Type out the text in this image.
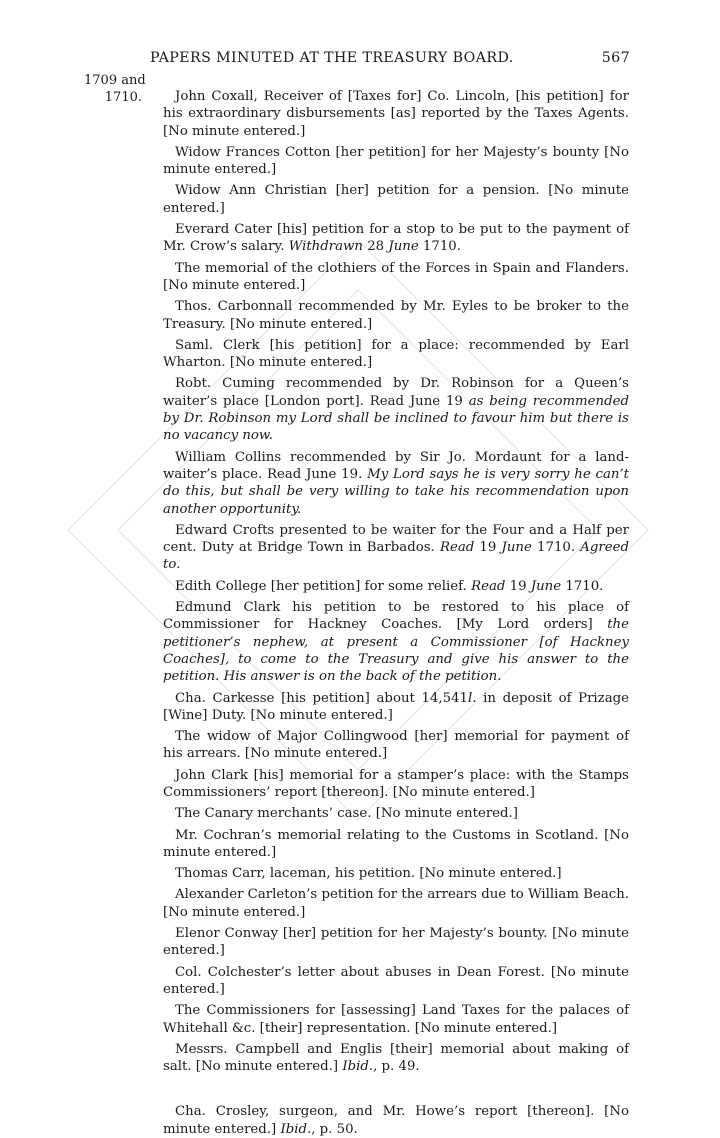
PAPERS MINUTED AT THE TREASURY BOARD.	567
1709 and
1710.	John Coxall, Receiver of [Taxes for] Co. Lincoln, [his petition] for his extraordinary disbursements [as] reported by the Taxes Agents. [No minute entered.]

Widow Frances Cotton [her petition] for her Majesty’s bounty [No minute entered.]

Widow Ann Christian [her] petition for a pension. [No minute entered.]

Everard Cater [his] petition for a stop to be put to the payment of Mr. Crow’s salary. Withdrawn 28 June 1710.

The memorial of the clothiers of the Forces in Spain and Flanders. [No minute entered.]

Thos. Carbonnall recommended by Mr. Eyles to be broker to the Treasury. [No minute entered.]

Saml. Clerk [his petition] for a place: recommended by Earl Wharton. [No minute entered.]

Robt. Cuming recommended by Dr. Robinson for a Queen’s waiter’s place [London port]. Read June 19 as being recommended by Dr. Robinson my Lord shall be inclined to favour him but there is no vacancy now.

William Collins recommended by Sir Jo. Mordaunt for a land-waiter’s place. Read June 19. My Lord says he is very sorry he can’t do this, but shall be very willing to take his recommendation upon another opportunity.

Edward Crofts presented to be waiter for the Four and a Half per cent. Duty at Bridge Town in Barbados. Read 19 June 1710. Agreed to.

Edith College [her petition] for some relief. Read 19 June 1710.

Edmund Clark his petition to be restored to his place of Commissioner for Hackney Coaches. [My Lord orders] the petitioner’s nephew, at present a Commissioner [of Hackney Coaches], to come to the Treasury and give his answer to the petition. His answer is on the back of the petition.

Cha. Carkesse [his petition] about 14,541l. in deposit of Prizage [Wine] Duty. [No minute entered.]

The widow of Major Collingwood [her] memorial for payment of his arrears. [No minute entered.]

John Clark [his] memorial for a stamper’s place: with the Stamps Commissioners’ report [thereon]. [No minute entered.]

The Canary merchants’ case. [No minute entered.]

Mr. Cochran’s memorial relating to the Customs in Scotland. [No minute entered.]

Thomas Carr, laceman, his petition. [No minute entered.]

Alexander Carleton’s petition for the arrears due to William Beach. [No minute entered.]

Elenor Conway [her] petition for her Majesty’s bounty. [No minute entered.]

Col. Colchester’s letter about abuses in Dean Forest. [No minute entered.]

The Commissioners for [assessing] Land Taxes for the palaces of Whitehall &c. [their] representation. [No minute entered.]

Messrs. Campbell and Englis [their] memorial about making of salt. [No minute entered.] Ibid., p. 49.

Cha. Crosley, surgeon, and Mr. Howe’s report [thereon]. [No minute entered.] Ibid., p. 50.
